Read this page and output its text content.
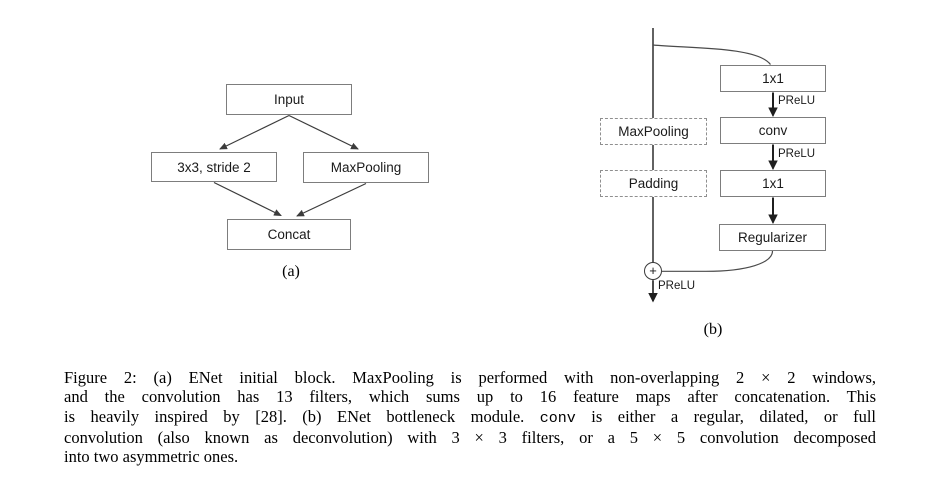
Input
3x3, stride 2	MaxPooling
Concat
(a)
MaxPooling
Padding
1x1
conv
1x1
Regularizer
PReLU
PReLU
PReLU
+
(b)
Figure 2: (a) ENet initial block. MaxPooling is performed with non-overlapping 2 × 2 windows,
and the convolution has 13 filters, which sums up to 16 feature maps after concatenation. This
is heavily inspired by [28]. (b) ENet bottleneck module. conv is either a regular, dilated, or full
convolution (also known as deconvolution) with 3 × 3 filters, or a 5 × 5 convolution decomposed
into two asymmetric ones.
